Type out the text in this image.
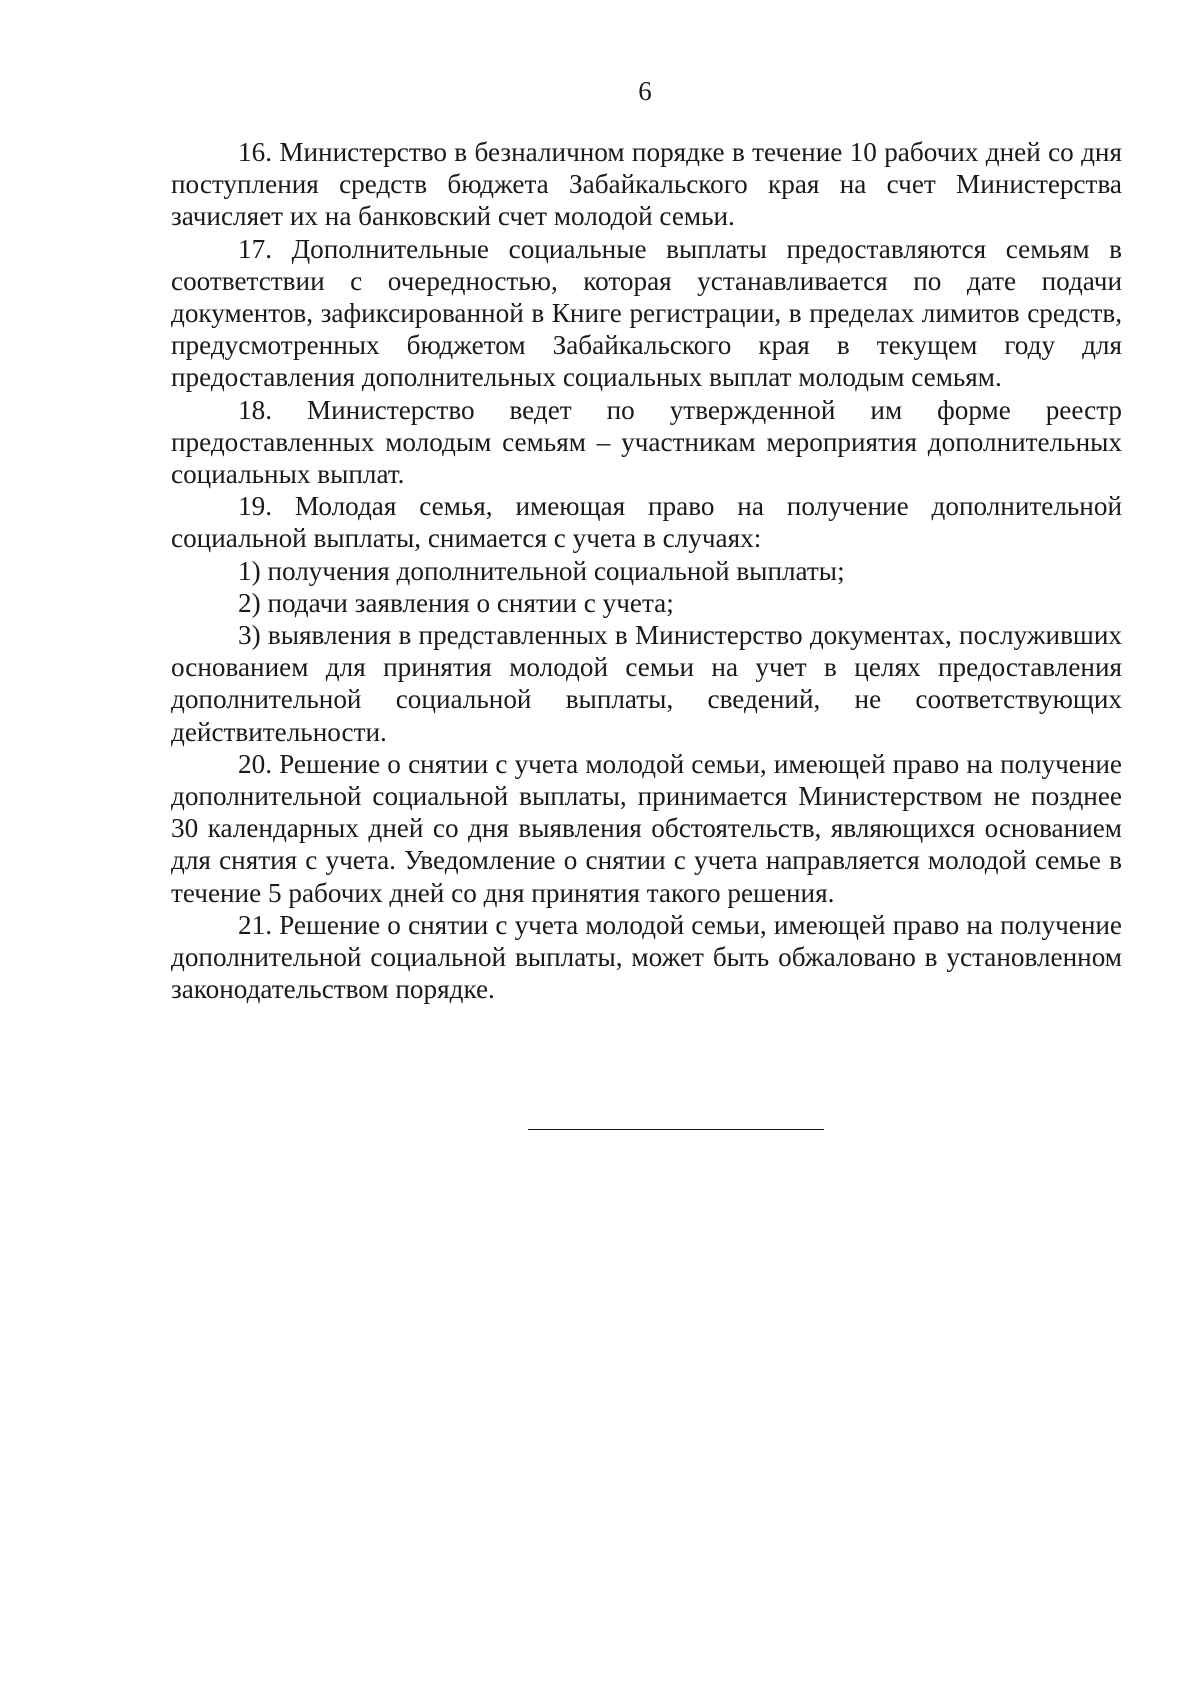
6

16. Министерство в безналичном порядке в течение 10 рабочих дней со дня поступления средств бюджета Забайкальского края на счет Министерства зачисляет их на банковский счет молодой семьи.

17. Дополнительные социальные выплаты предоставляются семьям в соответствии с очередностью, которая устанавливается по дате подачи документов, зафиксированной в Книге регистрации, в пределах лимитов средств, предусмотренных бюджетом Забайкальского края в текущем году для предоставления дополнительных социальных выплат молодым семьям.

18. Министерство ведет по утвержденной им форме реестр предоставленных молодым семьям – участникам мероприятия дополнительных социальных выплат.

19. Молодая семья, имеющая право на получение дополнительной социальной выплаты, снимается с учета в случаях:

1) получения дополнительной социальной выплаты;

2) подачи заявления о снятии с учета;

3) выявления в представленных в Министерство документах, послуживших основанием для принятия молодой семьи на учет в целях предоставления дополнительной социальной выплаты, сведений, не соответствующих действительности.

20. Решение о снятии с учета молодой семьи, имеющей право на получение дополнительной социальной выплаты, принимается Министерством не позднее 30 календарных дней со дня выявления обстоятельств, являющихся основанием для снятия с учета. Уведомление о снятии с учета направляется молодой семье в течение 5 рабочих дней со дня принятия такого решения.

21. Решение о снятии с учета молодой семьи, имеющей право на получение дополнительной социальной выплаты, может быть обжаловано в установленном законодательством порядке.
